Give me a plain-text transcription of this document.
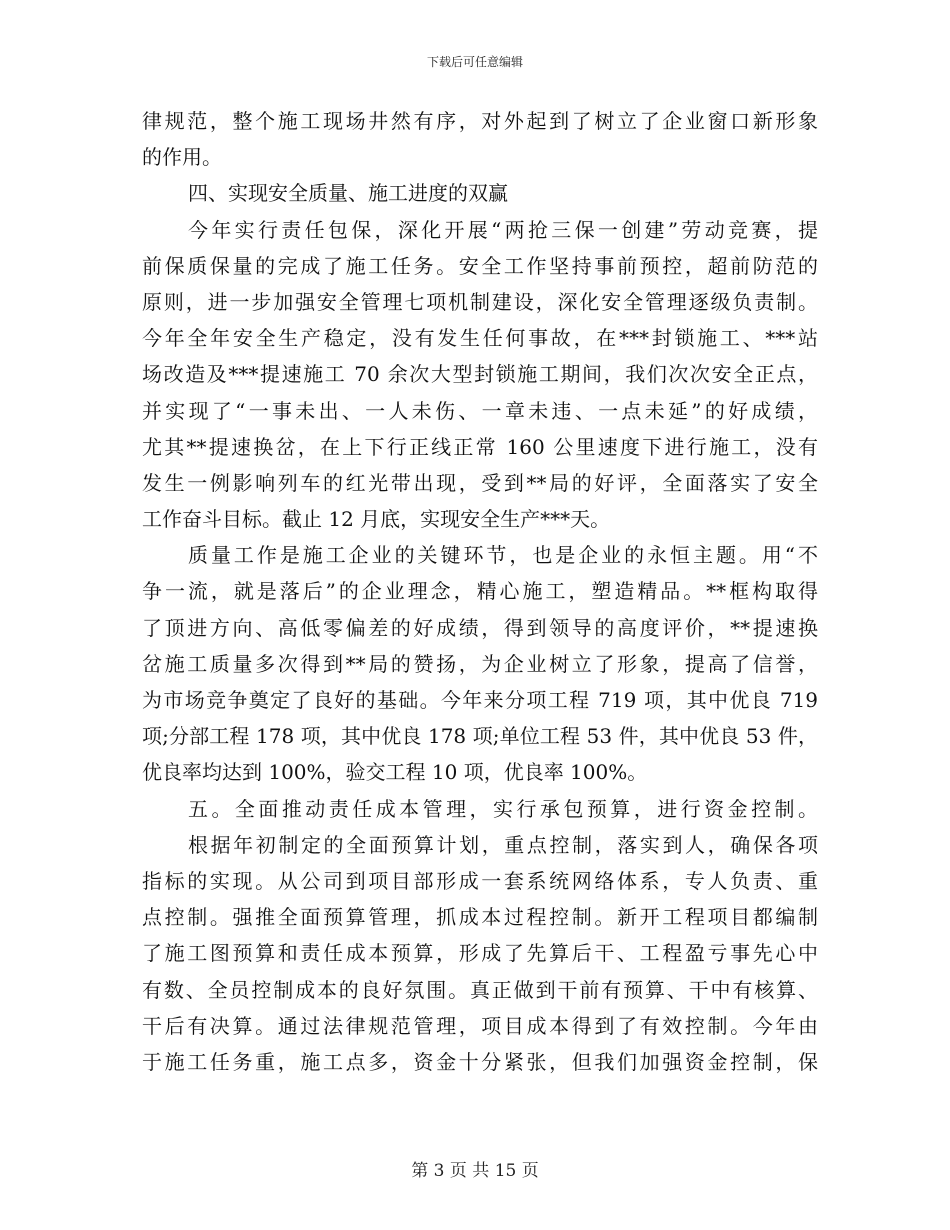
下载后可任意编辑
律规范，整个施工现场井然有序，对外起到了树立了企业窗口新形象
的作用。
四、实现安全质量、施工进度的双赢
今年实行责任包保，深化开展“两抢三保一创建”劳动竞赛，提
前保质保量的完成了施工任务。安全工作坚持事前预控，超前防范的
原则，进一步加强安全管理七项机制建设，深化安全管理逐级负责制。
今年全年安全生产稳定，没有发生任何事故，在***封锁施工、***站
场改造及***提速施工 70 余次大型封锁施工期间，我们次次安全正点，
并实现了“一事未出、一人未伤、一章未违、一点未延”的好成绩，
尤其**提速换岔，在上下行正线正常 160 公里速度下进行施工，没有
发生一例影响列车的红光带出现，受到**局的好评，全面落实了安全
工作奋斗目标。截止 12 月底，实现安全生产***天。
质量工作是施工企业的关键环节，也是企业的永恒主题。用“不
争一流，就是落后”的企业理念，精心施工，塑造精品。**框构取得
了顶进方向、高低零偏差的好成绩，得到领导的高度评价，**提速换
岔施工质量多次得到**局的赞扬，为企业树立了形象，提高了信誉，
为市场竞争奠定了良好的基础。今年来分项工程 719 项，其中优良 719
项;分部工程 178 项，其中优良 178 项;单位工程 53 件，其中优良 53 件，
优良率均达到 100%，验交工程 10 项，优良率 100%。
五。全面推动责任成本管理，实行承包预算，进行资金控制。
根据年初制定的全面预算计划，重点控制，落实到人，确保各项
指标的实现。从公司到项目部形成一套系统网络体系，专人负责、重
点控制。强推全面预算管理，抓成本过程控制。新开工程项目都编制
了施工图预算和责任成本预算，形成了先算后干、工程盈亏事先心中
有数、全员控制成本的良好氛围。真正做到干前有预算、干中有核算、
干后有决算。通过法律规范管理，项目成本得到了有效控制。今年由
于施工任务重，施工点多，资金十分紧张，但我们加强资金控制，保
第 3 页 共 15 页
